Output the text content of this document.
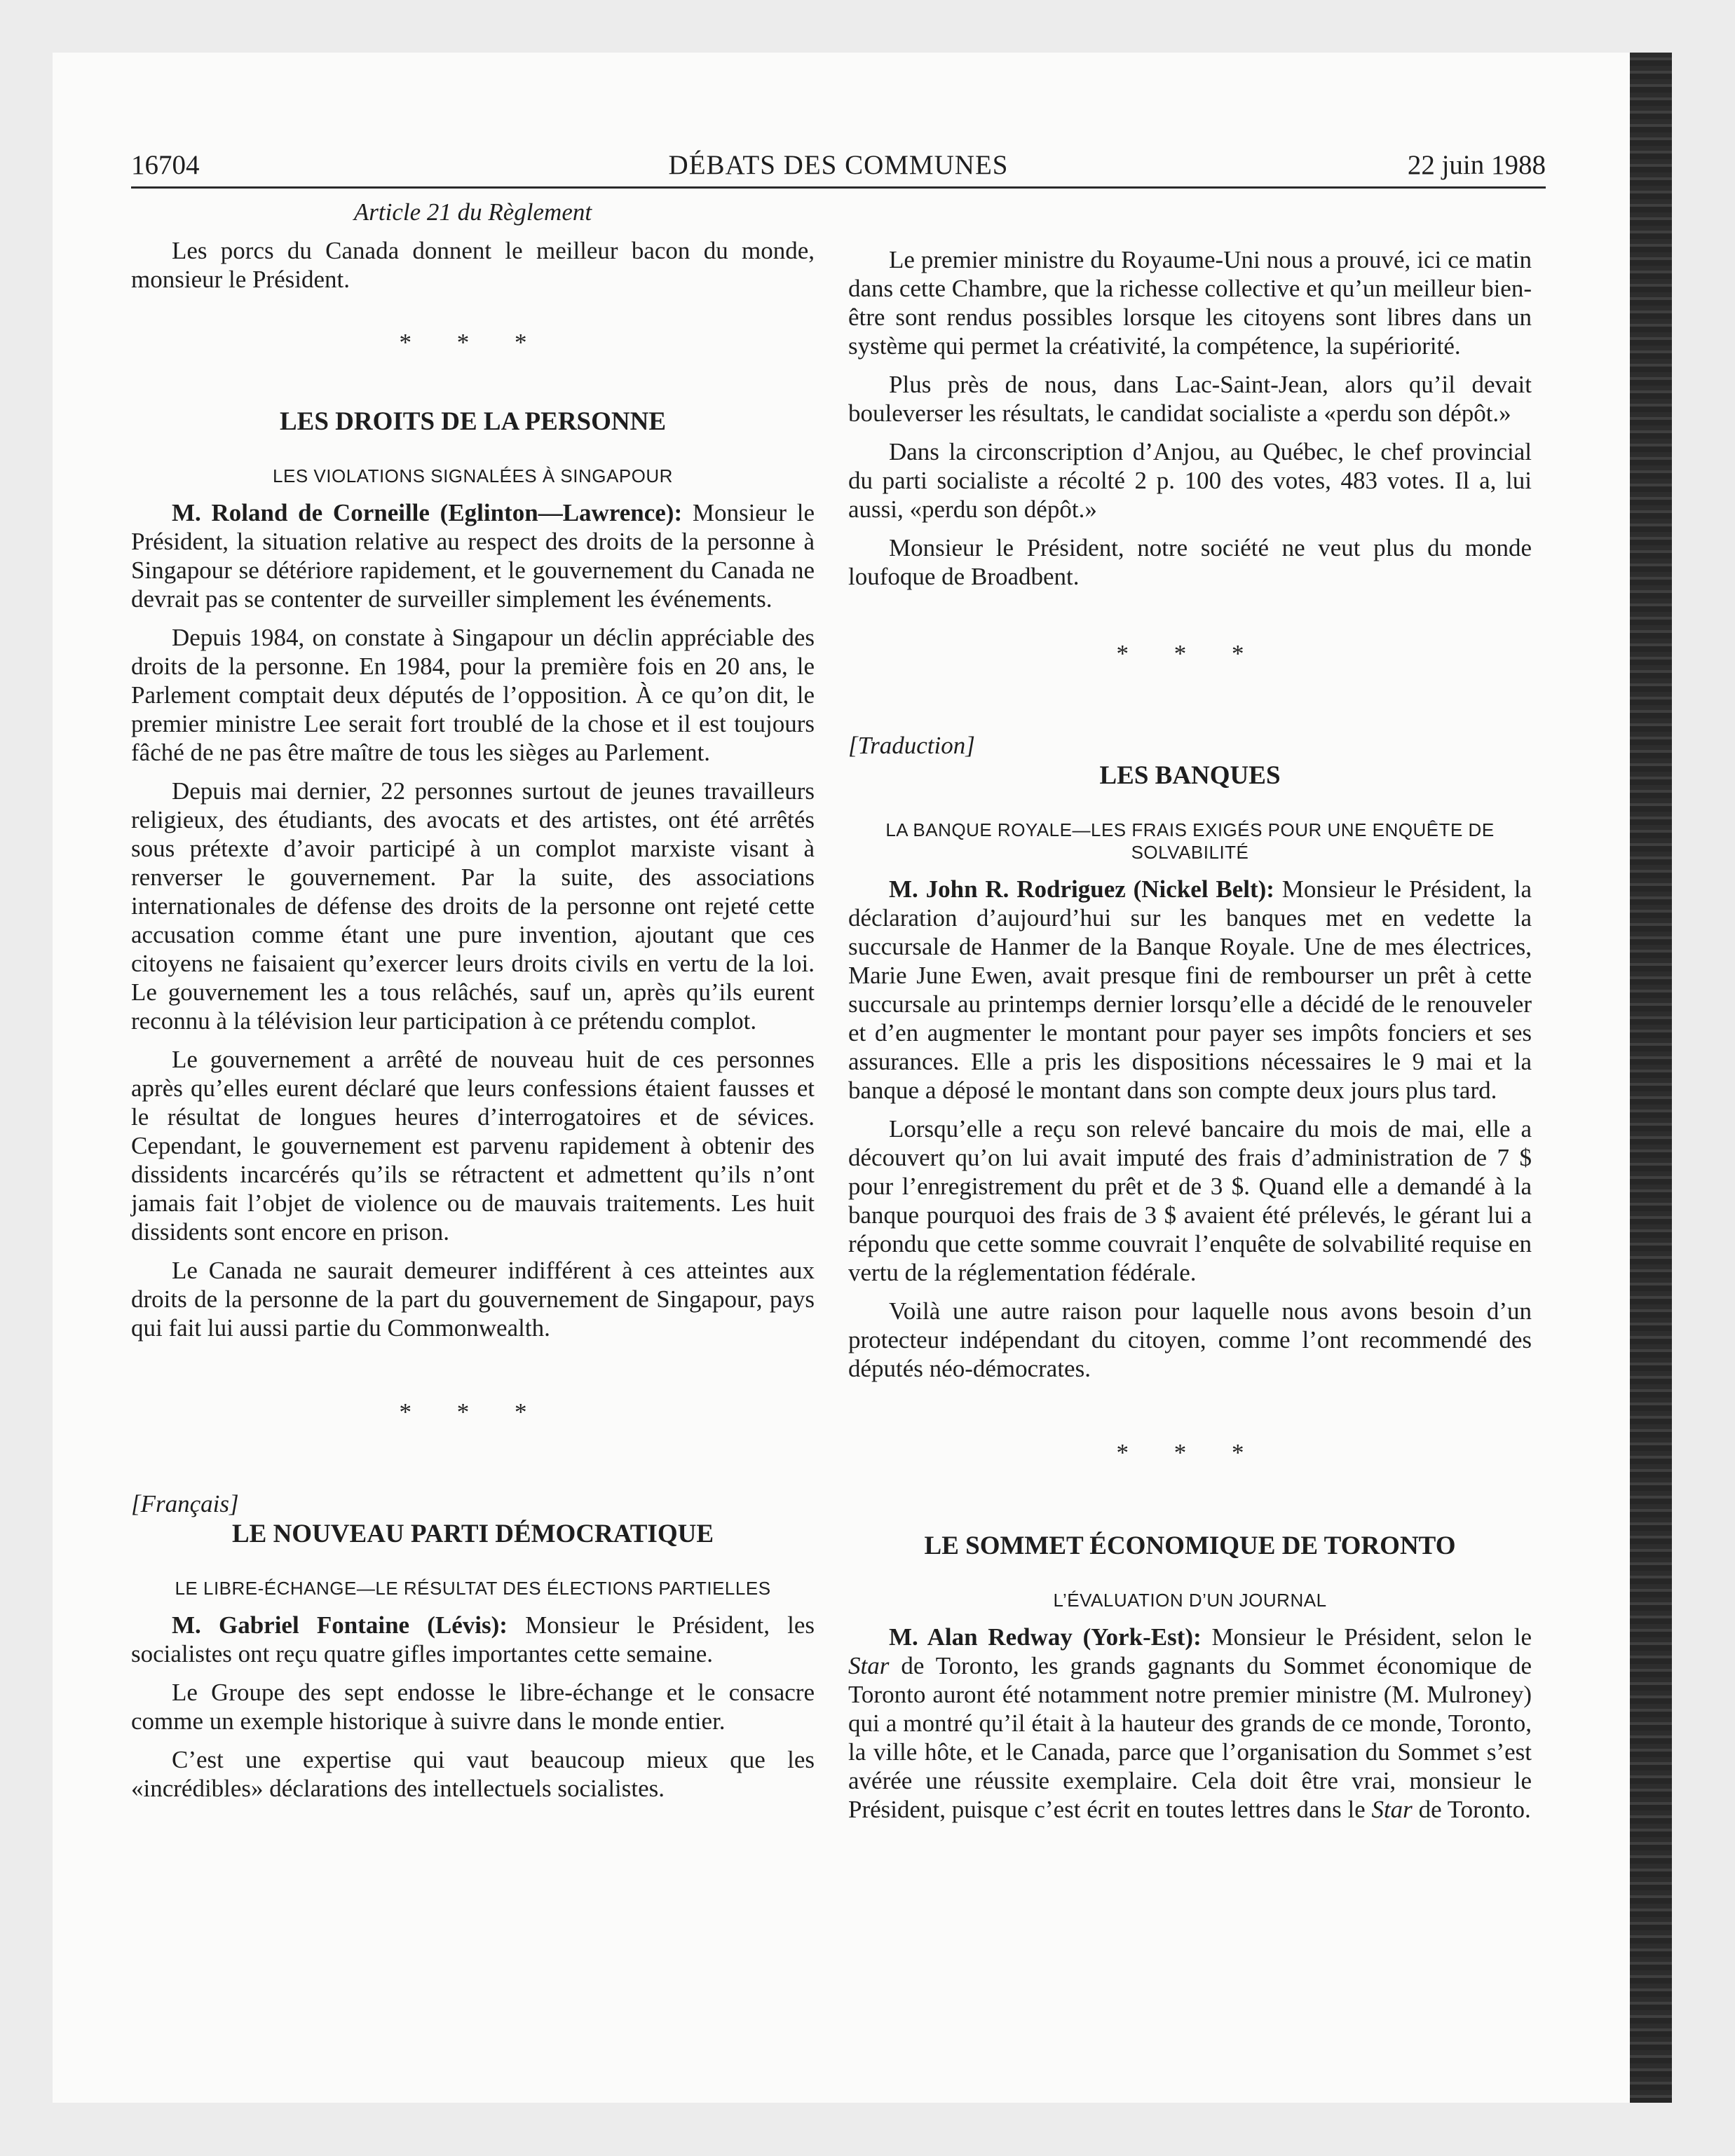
16704	DÉBATS DES COMMUNES	22 juin 1988
Article 21 du Règlement

Les porcs du Canada donnent le meilleur bacon du monde, monsieur le Président.

* * *
LES DROITS DE LA PERSONNE
LES VIOLATIONS SIGNALÉES À SINGAPOUR

M. Roland de Corneille (Eglinton—Lawrence): Monsieur le Président, la situation relative au respect des droits de la personne à Singapour se détériore rapidement, et le gouvernement du Canada ne devrait pas se contenter de surveiller simplement les événements.

Depuis 1984, on constate à Singapour un déclin appréciable des droits de la personne. En 1984, pour la première fois en 20 ans, le Parlement comptait deux députés de l’opposition. À ce qu’on dit, le premier ministre Lee serait fort troublé de la chose et il est toujours fâché de ne pas être maître de tous les sièges au Parlement.

Depuis mai dernier, 22 personnes surtout de jeunes travailleurs religieux, des étudiants, des avocats et des artistes, ont été arrêtés sous prétexte d’avoir participé à un complot marxiste visant à renverser le gouvernement. Par la suite, des associations internationales de défense des droits de la personne ont rejeté cette accusation comme étant une pure invention, ajoutant que ces citoyens ne faisaient qu’exercer leurs droits civils en vertu de la loi. Le gouvernement les a tous relâchés, sauf un, après qu’ils eurent reconnu à la télévision leur participation à ce prétendu complot.

Le gouvernement a arrêté de nouveau huit de ces personnes après qu’elles eurent déclaré que leurs confessions étaient fausses et le résultat de longues heures d’interrogatoires et de sévices. Cependant, le gouvernement est parvenu rapidement à obtenir des dissidents incarcérés qu’ils se rétractent et admettent qu’ils n’ont jamais fait l’objet de violence ou de mauvais traitements. Les huit dissidents sont encore en prison.

Le Canada ne saurait demeurer indifférent à ces atteintes aux droits de la personne de la part du gouvernement de Singapour, pays qui fait lui aussi partie du Commonwealth.

* * *
[Français]
LE NOUVEAU PARTI DÉMOCRATIQUE
LE LIBRE-ÉCHANGE—LE RÉSULTAT DES ÉLECTIONS PARTIELLES

M. Gabriel Fontaine (Lévis): Monsieur le Président, les socialistes ont reçu quatre gifles importantes cette semaine.

Le Groupe des sept endosse le libre-échange et le consacre comme un exemple historique à suivre dans le monde entier.

C’est une expertise qui vaut beaucoup mieux que les «incrédibles» déclarations des intellectuels socialistes.

Le premier ministre du Royaume-Uni nous a prouvé, ici ce matin dans cette Chambre, que la richesse collective et qu’un meilleur bien-être sont rendus possibles lorsque les citoyens sont libres dans un système qui permet la créativité, la compétence, la supériorité.

Plus près de nous, dans Lac-Saint-Jean, alors qu’il devait bouleverser les résultats, le candidat socialiste a «perdu son dépôt.»

Dans la circonscription d’Anjou, au Québec, le chef provincial du parti socialiste a récolté 2 p. 100 des votes, 483 votes. Il a, lui aussi, «perdu son dépôt.»

Monsieur le Président, notre société ne veut plus du monde loufoque de Broadbent.

* * *
[Traduction]
LES BANQUES
LA BANQUE ROYALE—LES FRAIS EXIGÉS POUR UNE ENQUÊTE DE SOLVABILITÉ

M. John R. Rodriguez (Nickel Belt): Monsieur le Président, la déclaration d’aujourd’hui sur les banques met en vedette la succursale de Hanmer de la Banque Royale. Une de mes électrices, Marie June Ewen, avait presque fini de rembourser un prêt à cette succursale au printemps dernier lorsqu’elle a décidé de le renouveler et d’en augmenter le montant pour payer ses impôts fonciers et ses assurances. Elle a pris les dispositions nécessaires le 9 mai et la banque a déposé le montant dans son compte deux jours plus tard.

Lorsqu’elle a reçu son relevé bancaire du mois de mai, elle a découvert qu’on lui avait imputé des frais d’administration de 7 $ pour l’enregistrement du prêt et de 3 $. Quand elle a demandé à la banque pourquoi des frais de 3 $ avaient été prélevés, le gérant lui a répondu que cette somme couvrait l’enquête de solvabilité requise en vertu de la réglementation fédérale.

Voilà une autre raison pour laquelle nous avons besoin d’un protecteur indépendant du citoyen, comme l’ont recommendé des députés néo-démocrates.

* * *
LE SOMMET ÉCONOMIQUE DE TORONTO
L’ÉVALUATION D’UN JOURNAL

M. Alan Redway (York-Est): Monsieur le Président, selon le Star de Toronto, les grands gagnants du Sommet économique de Toronto auront été notamment notre premier ministre (M. Mulroney) qui a montré qu’il était à la hauteur des grands de ce monde, Toronto, la ville hôte, et le Canada, parce que l’organisation du Sommet s’est avérée une réussite exemplaire. Cela doit être vrai, monsieur le Président, puisque c’est écrit en toutes lettres dans le Star de Toronto.
